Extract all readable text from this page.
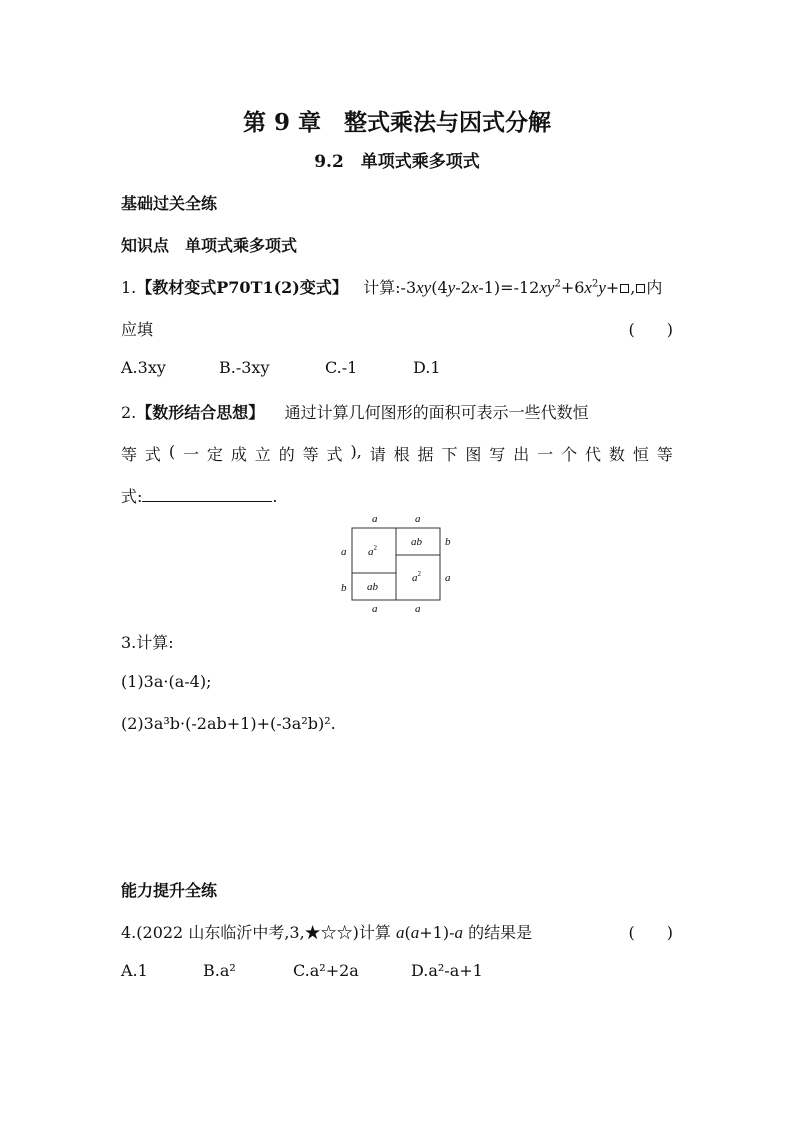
第 9 章　整式乘法与因式分解
9.2　单项式乘多项式
基础过关全练
知识点　单项式乘多项式
1.【教材变式P70T1(2)变式】 计算$:-3xy(4y-2x-1)=-12xy^2+6x^2y+$ , 内
应填	(　　)
A.3xy	B.-3xy	C.-1	D.1
2.【数形结合思想】 通过计算几何图形的面积可表示一些代数恒
等 式 ( 一 定 成 立 的 等 式 ), 请 根 据 下 图 写 出 一 个 代 数 恒 等
式:	.
a	a
a
b
b
a
a	a
$a^2$	ab
ab
$a^2$
3.计算:
(1)3a·(a-4);
(2)3a³b·(-2ab+1)+(-3a²b)².
能力提升全练
4.(2022 山东临沂中考,3,★☆☆)计算 a(a+1)-a 的结果是	(　　)
A.1	B.a²	C.a²+2a	D.a²-a+1
